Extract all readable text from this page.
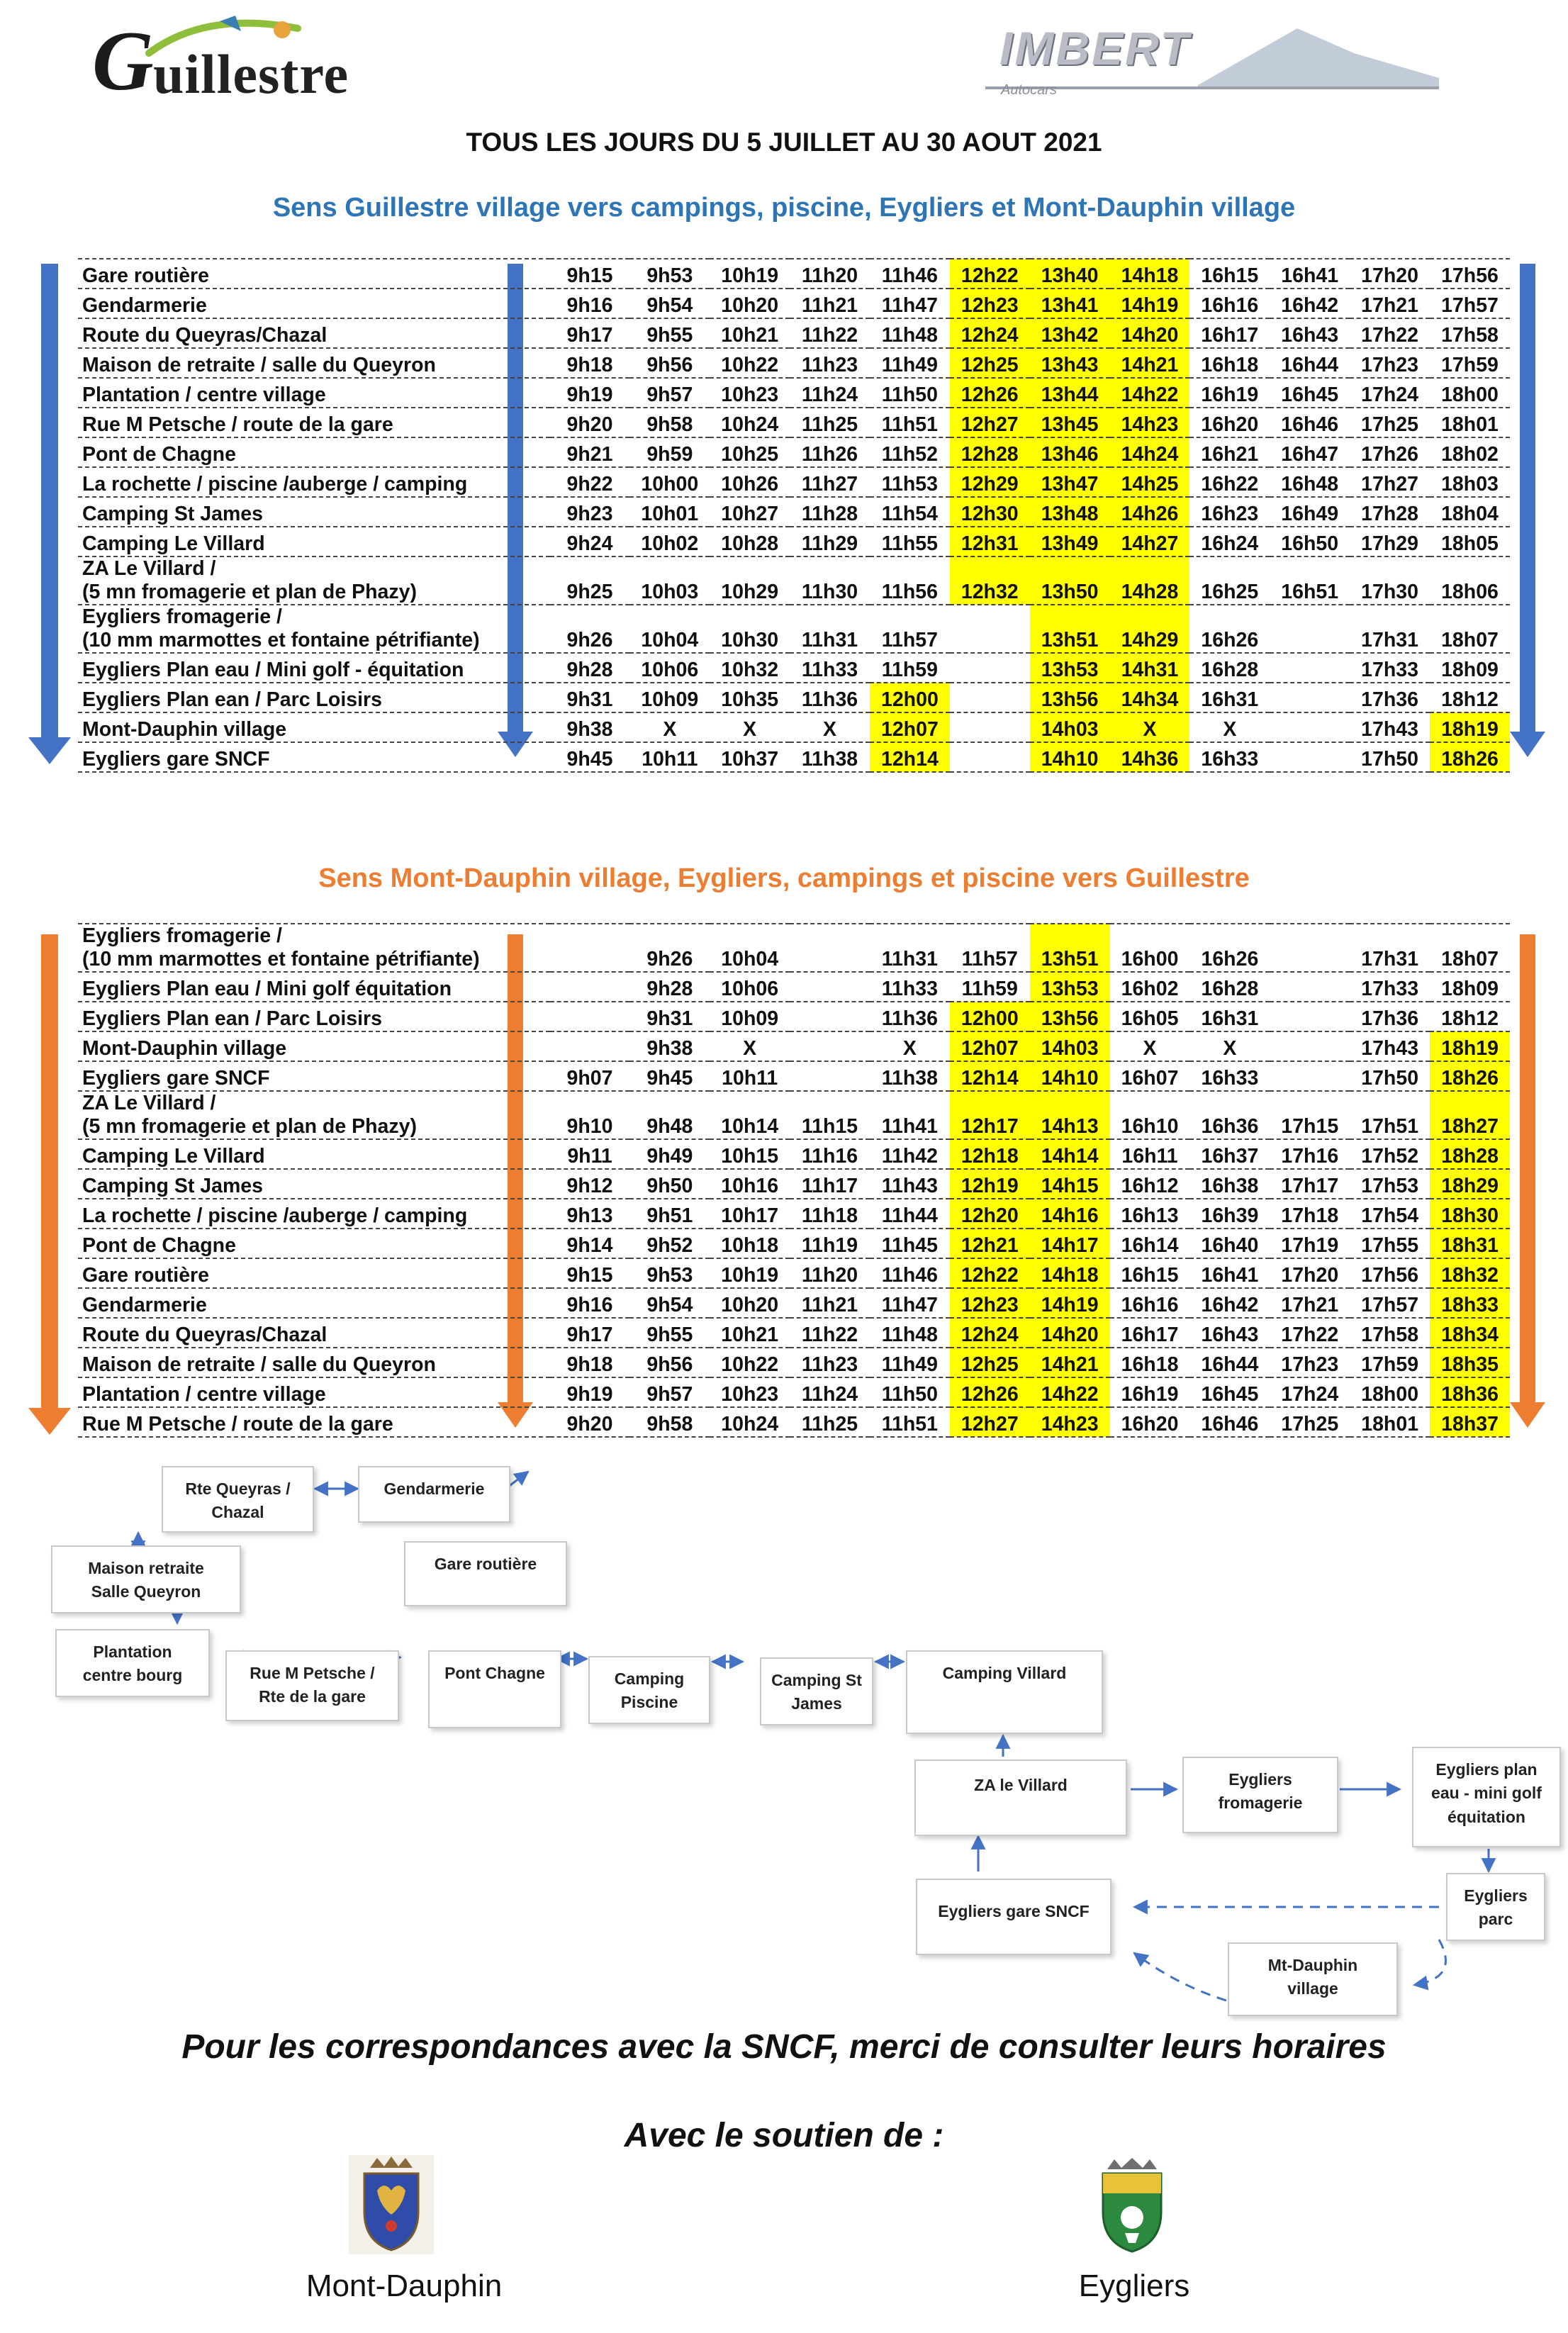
G uillestre	IMBERT
Autocars
TOUS LES JOURS DU 5 JUILLET AU 30 AOUT 2021
Sens Guillestre village vers campings, piscine, Eygliers et Mont-Dauphin village
Gare routière	9h15	9h53	10h19	11h20	11h46	12h22	13h40	14h18	16h15	16h41	17h20	17h56

Gendarmerie	9h16	9h54	10h20	11h21	11h47	12h23	13h41	14h19	16h16	16h42	17h21	17h57

Route du Queyras/Chazal	9h17	9h55	10h21	11h22	11h48	12h24	13h42	14h20	16h17	16h43	17h22	17h58

Maison de retraite / salle du Queyron	9h18	9h56	10h22	11h23	11h49	12h25	13h43	14h21	16h18	16h44	17h23	17h59

Plantation / centre village	9h19	9h57	10h23	11h24	11h50	12h26	13h44	14h22	16h19	16h45	17h24	18h00

Rue M Petsche / route de la gare	9h20	9h58	10h24	11h25	11h51	12h27	13h45	14h23	16h20	16h46	17h25	18h01

Pont de Chagne	9h21	9h59	10h25	11h26	11h52	12h28	13h46	14h24	16h21	16h47	17h26	18h02

La rochette / piscine /auberge / camping	9h22	10h00	10h26	11h27	11h53	12h29	13h47	14h25	16h22	16h48	17h27	18h03

Camping St James	9h23	10h01	10h27	11h28	11h54	12h30	13h48	14h26	16h23	16h49	17h28	18h04

Camping Le Villard	9h24	10h02	10h28	11h29	11h55	12h31	13h49	14h27	16h24	16h50	17h29	18h05

ZA Le Villard /
(5 mn fromagerie et plan de Phazy)	9h25	10h03	10h29	11h30	11h56	12h32	13h50	14h28	16h25	16h51	17h30	18h06

Eygliers fromagerie /
(10 mm marmottes et fontaine pétrifiante)	9h26	10h04	10h30	11h31	11h57		13h51	14h29	16h26		17h31	18h07

Eygliers Plan eau / Mini golf - équitation	9h28	10h06	10h32	11h33	11h59		13h53	14h31	16h28		17h33	18h09

Eygliers Plan ean / Parc Loisirs	9h31	10h09	10h35	11h36	12h00		13h56	14h34	16h31		17h36	18h12

Mont-Dauphin village	9h38	X	X	X	12h07		14h03	X	X		17h43	18h19

Eygliers gare SNCF	9h45	10h11	10h37	11h38	12h14		14h10	14h36	16h33		17h50	18h26
Sens Mont-Dauphin village, Eygliers, campings et piscine vers Guillestre
Eygliers fromagerie /
(10 mm marmottes et fontaine pétrifiante)		9h26	10h04		11h31	11h57	13h51	16h00	16h26		17h31	18h07

Eygliers Plan eau / Mini golf équitation		9h28	10h06		11h33	11h59	13h53	16h02	16h28		17h33	18h09

Eygliers Plan ean / Parc Loisirs		9h31	10h09		11h36	12h00	13h56	16h05	16h31		17h36	18h12

Mont-Dauphin village		9h38	X		X	12h07	14h03	X	X		17h43	18h19

Eygliers gare SNCF	9h07	9h45	10h11		11h38	12h14	14h10	16h07	16h33		17h50	18h26

ZA Le Villard /
(5 mn fromagerie et plan de Phazy)	9h10	9h48	10h14	11h15	11h41	12h17	14h13	16h10	16h36	17h15	17h51	18h27

Camping Le Villard	9h11	9h49	10h15	11h16	11h42	12h18	14h14	16h11	16h37	17h16	17h52	18h28

Camping St James	9h12	9h50	10h16	11h17	11h43	12h19	14h15	16h12	16h38	17h17	17h53	18h29

La rochette / piscine /auberge / camping	9h13	9h51	10h17	11h18	11h44	12h20	14h16	16h13	16h39	17h18	17h54	18h30

Pont de Chagne	9h14	9h52	10h18	11h19	11h45	12h21	14h17	16h14	16h40	17h19	17h55	18h31

Gare routière	9h15	9h53	10h19	11h20	11h46	12h22	14h18	16h15	16h41	17h20	17h56	18h32

Gendarmerie	9h16	9h54	10h20	11h21	11h47	12h23	14h19	16h16	16h42	17h21	17h57	18h33

Route du Queyras/Chazal	9h17	9h55	10h21	11h22	11h48	12h24	14h20	16h17	16h43	17h22	17h58	18h34

Maison de retraite / salle du Queyron	9h18	9h56	10h22	11h23	11h49	12h25	14h21	16h18	16h44	17h23	17h59	18h35

Plantation / centre village	9h19	9h57	10h23	11h24	11h50	12h26	14h22	16h19	16h45	17h24	18h00	18h36

Rue M Petsche / route de la gare	9h20	9h58	10h24	11h25	11h51	12h27	14h23	16h20	16h46	17h25	18h01	18h37
Rte Queyras /
Chazal
Gendarmerie
Maison retraite
Salle Queyron
Gare routière
Plantation
centre bourg	Rue M Petsche /
Rte de la gare
Pont Chagne	Camping
Piscine
Camping St
James
Camping Villard
ZA le Villard	Eygliers
fromagerie
Eygliers plan
eau - mini golf
équitation
Eygliers gare SNCF
Eygliers
parc
Mt-Dauphin
village
Pour les correspondances avec la SNCF, merci de consulter leurs horaires
Avec le soutien de :
Mont-Dauphin	Eygliers
